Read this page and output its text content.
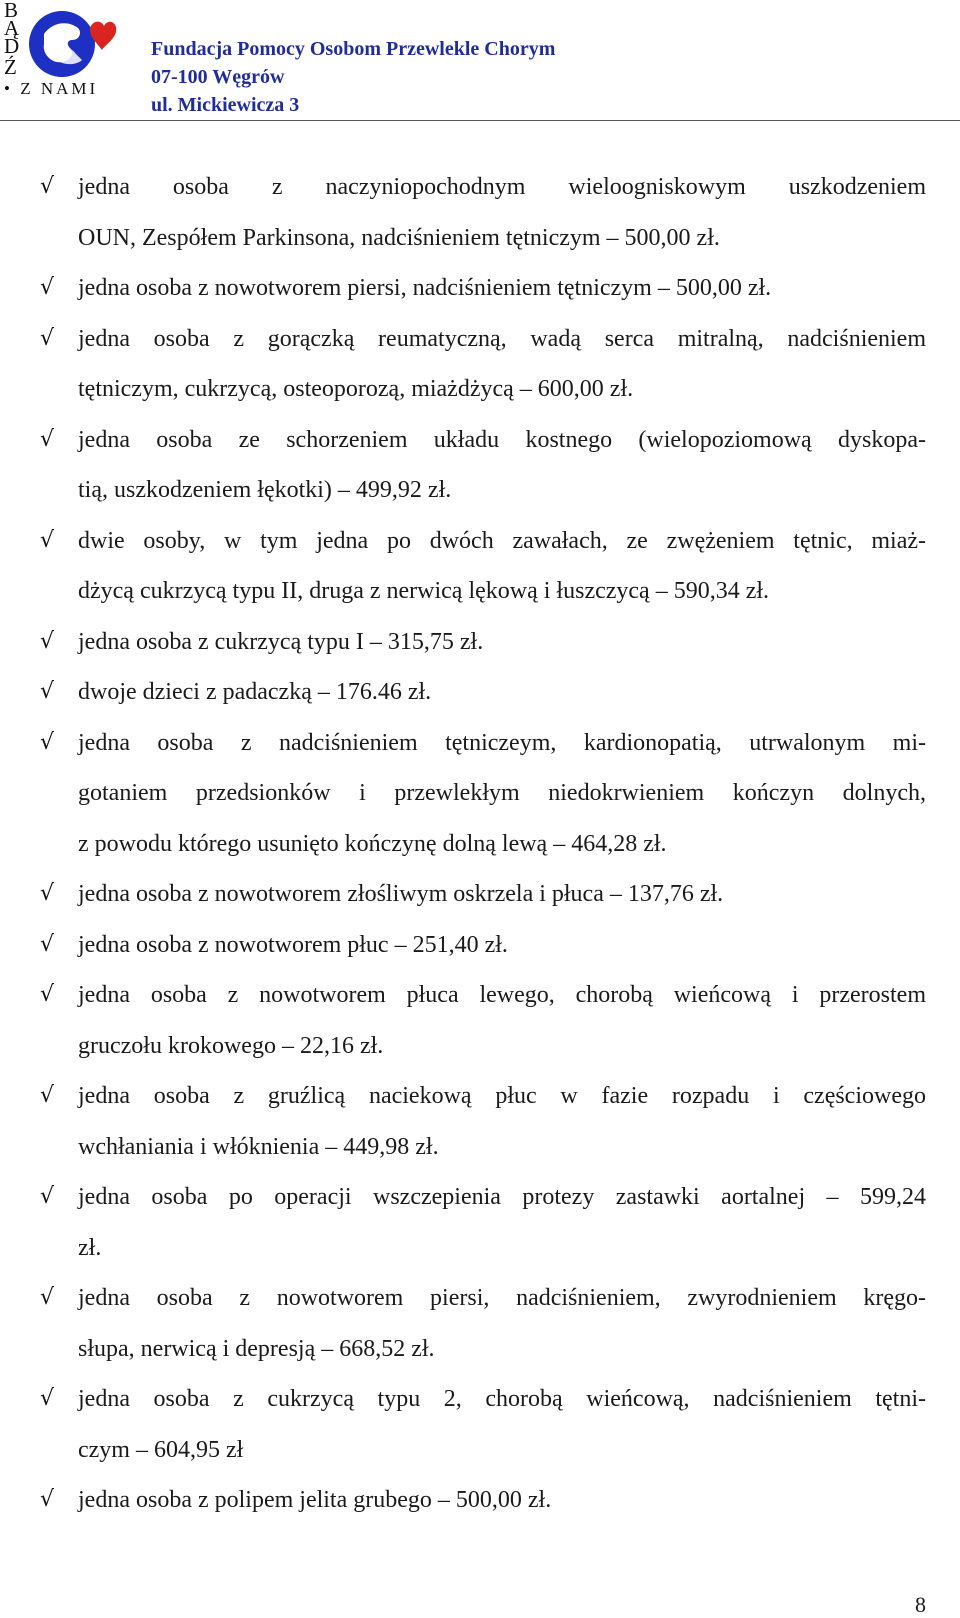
B
Ą
D
Ź
• Z NAMI
Fundacja Pomocy Osobom Przewlekle Chorym
07-100 Węgrów
ul. Mickiewicza 3
√ jedna osoba z naczyniopochodnym wieloogniskowym uszkodzeniem
OUN, Zespółem Parkinsona, nadciśnieniem tętniczym – 500,00 zł.
√ jedna osoba z nowotworem piersi, nadciśnieniem tętniczym – 500,00 zł.
√ jedna osoba z gorączką reumatyczną, wadą serca mitralną, nadciśnieniem
tętniczym, cukrzycą, osteoporozą, miażdżycą – 600,00 zł.
√ jedna osoba ze schorzeniem układu kostnego (wielopoziomową dyskopa-
tią, uszkodzeniem łękotki) – 499,92 zł.
√ dwie osoby, w tym jedna po dwóch zawałach, ze zwężeniem tętnic, miaż-
dżycą cukrzycą typu II, druga z nerwicą lękową i łuszczycą – 590,34 zł.
√ jedna osoba z cukrzycą typu I – 315,75 zł.
√ dwoje dzieci z padaczką – 176.46 zł.
√ jedna osoba z nadciśnieniem tętniczeym, kardionopatią, utrwalonym mi-
gotaniem przedsionków i przewlekłym niedokrwieniem kończyn dolnych,
z powodu którego usunięto kończynę dolną lewą – 464,28 zł.
√ jedna osoba z nowotworem złośliwym oskrzela i płuca – 137,76 zł.
√ jedna osoba z nowotworem płuc – 251,40 zł.
√ jedna osoba z nowotworem płuca lewego, chorobą wieńcową i przerostem
gruczołu krokowego – 22,16 zł.
√ jedna osoba z gruźlicą naciekową płuc w fazie rozpadu i częściowego
wchłaniania i włóknienia – 449,98 zł.
√ jedna osoba po operacji wszczepienia protezy zastawki aortalnej – 599,24
zł.
√ jedna osoba z nowotworem piersi, nadciśnieniem, zwyrodnieniem kręgo-
słupa, nerwicą i depresją – 668,52 zł.
√ jedna osoba z cukrzycą typu 2, chorobą wieńcową, nadciśnieniem tętni-
czym – 604,95 zł
√ jedna osoba z polipem jelita grubego – 500,00 zł.
8
